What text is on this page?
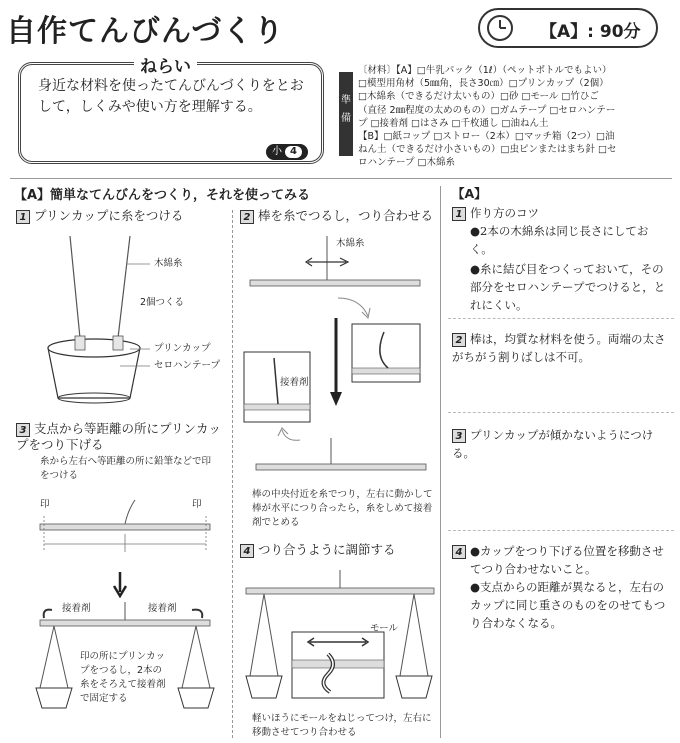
自作てんびんづくり	【A】: 90分
ねらい
身近な材料を使ったてんびんづくりをとおして，しくみや使い方を理解する。
小 4
準備
〔材料〕【A】□牛乳パック（1ℓ）（ペットボトルでもよい）
□模型用角材（5㎜角，長さ30㎝）□プリンカップ（2個）
□木綿糸（できるだけ太いもの）□砂 □モール □竹ひご
（直径 2㎜程度の太めのもの）□ガムテープ □セロハンテー
プ □接着剤 □はさみ □千枚通し □油ねん土
【B】□紙コップ □ストロー（2本）□マッチ箱（2つ）□油
ねん土（できるだけ小さいもの）□虫ピンまたはまち針 □セ
ロハンテープ □木綿糸
【A】簡単なてんびんをつくり，それを使ってみる
1 プリンカップに糸をつける
木綿糸
2個つくる
プリンカップ
セロハンテープ
3 支点から等距離の所にプリンカップをつり下げる
糸から左右へ等距離の所に鉛筆などで印をつける
印	印
接着剤	接着剤
印の所にプリンカップをつるし，2本の糸をそろえて接着剤で固定する
2 棒を糸でつるし，つり合わせる
木綿糸
接着剤
棒の中央付近を糸でつり，左右に動かして棒が水平につり合ったら，糸をしめて接着剤でとめる
4 つり合うように調節する
モール
軽いほうにモールをねじってつけ，左右に移動させてつり合わせる
【A】
1 作り方のコツ
●2本の木綿糸は同じ長さにしておく。
●糸に結び目をつくっておいて，その部分をセロハンテープでつけると，とれにくい。
2 棒は，均質な材料を使う。両端の太さがちがう割りばしは不可。
3 プリンカップが傾かないようにつける。
4 ●カップをつり下げる位置を移動させてつり合わせないこと。
●支点からの距離が異なると，左右のカップに同じ重さのものをのせてもつり合わなくなる。
